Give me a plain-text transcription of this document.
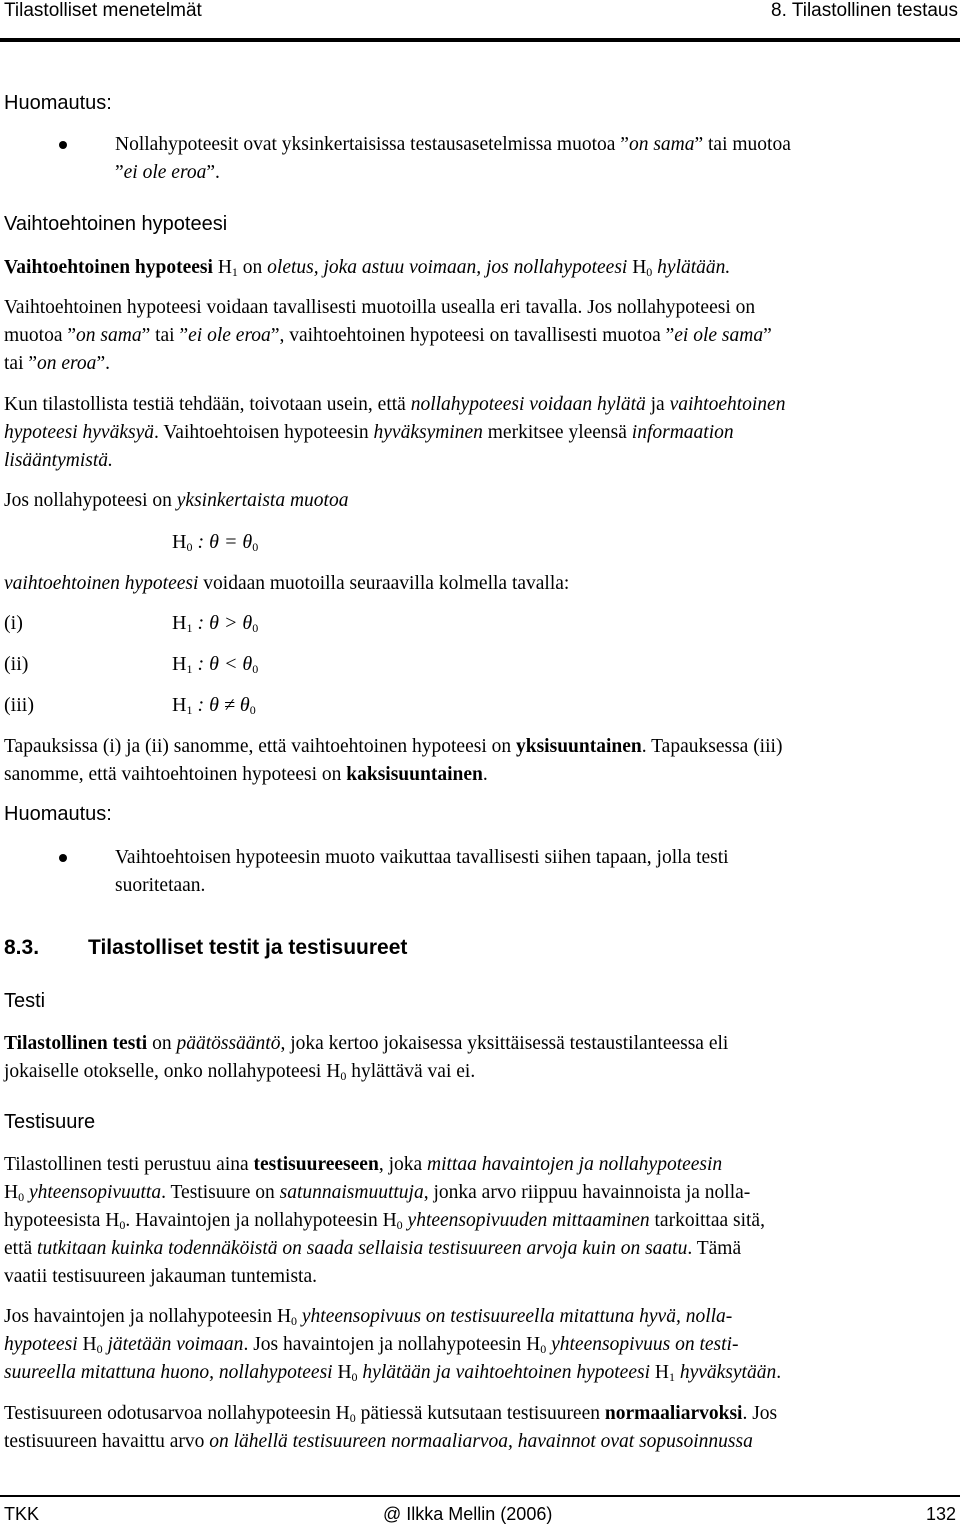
Tilastolliset menetelmät	8. Tilastollinen testaus
Huomautus:
Nollahypoteesit ovat yksinkertaisissa testausasetelmissa muotoa ”on sama” tai muotoa
”ei ole eroa”.
Vaihtoehtoinen hypoteesi
Vaihtoehtoinen hypoteesi $H_1$ on oletus, joka astuu voimaan, jos nollahypoteesi $H_0$ hylätään.
Vaihtoehtoinen hypoteesi voidaan tavallisesti muotoilla usealla eri tavalla. Jos nollahypoteesi on
muotoa ”on sama” tai ”ei ole eroa”, vaihtoehtoinen hypoteesi on tavallisesti muotoa ”ei ole sama”
tai ”on eroa”.
Kun tilastollista testiä tehdään, toivotaan usein, että nollahypoteesi voidaan hylätä ja vaihtoehtoinen
hypoteesi hyväksyä. Vaihtoehtoisen hypoteesin hyväksyminen merkitsee yleensä informaation
lisääntymistä.
Jos nollahypoteesi on yksinkertaista muotoa
$H_0$ : $\theta = \theta_0$
vaihtoehtoinen hypoteesi voidaan muotoilla seuraavilla kolmella tavalla:
(i)	$H_1$ : $\theta > \theta_0$
(ii)	$H_1$ : $\theta < \theta_0$
(iii)	$H_1$ : $\theta \ne \theta_0$
Tapauksissa (i) ja (ii) sanomme, että vaihtoehtoinen hypoteesi on yksisuuntainen. Tapauksessa (iii)
sanomme, että vaihtoehtoinen hypoteesi on kaksisuuntainen.
Huomautus:
Vaihtoehtoisen hypoteesin muoto vaikuttaa tavallisesti siihen tapaan, jolla testi
suoritetaan.
8.3. Tilastolliset testit ja testisuureet
Testi
Tilastollinen testi on päätössääntö, joka kertoo jokaisessa yksittäisessä testaustilanteessa eli
jokaiselle otokselle, onko nollahypoteesi $H_0$ hylättävä vai ei.
Testisuure
Tilastollinen testi perustuu aina testisuureeseen, joka mittaa havaintojen ja nollahypoteesin
$H_0$ yhteensopivuutta. Testisuure on satunnaismuuttuja, jonka arvo riippuu havainnoista ja nolla-
hypoteesista $H_0$. Havaintojen ja nollahypoteesin $H_0$ yhteensopivuuden mittaaminen tarkoittaa sitä,
että tutkitaan kuinka todennäköistä on saada sellaisia testisuureen arvoja kuin on saatu. Tämä
vaatii testisuureen jakauman tuntemista.
Jos havaintojen ja nollahypoteesin $H_0$ yhteensopivuus on testisuureella mitattuna hyvä, nolla-
hypoteesi $H_0$ jätetään voimaan. Jos havaintojen ja nollahypoteesin $H_0$ yhteensopivuus on testi-
suureella mitattuna huono, nollahypoteesi $H_0$ hylätään ja vaihtoehtoinen hypoteesi $H_1$ hyväksytään.
Testisuureen odotusarvoa nollahypoteesin $H_0$ pätiessä kutsutaan testisuureen normaaliarvoksi. Jos
testisuureen havaittu arvo on lähellä testisuureen normaaliarvoa, havainnot ovat sopusoinnussa
TKK	@ Ilkka Mellin (2006)	132
